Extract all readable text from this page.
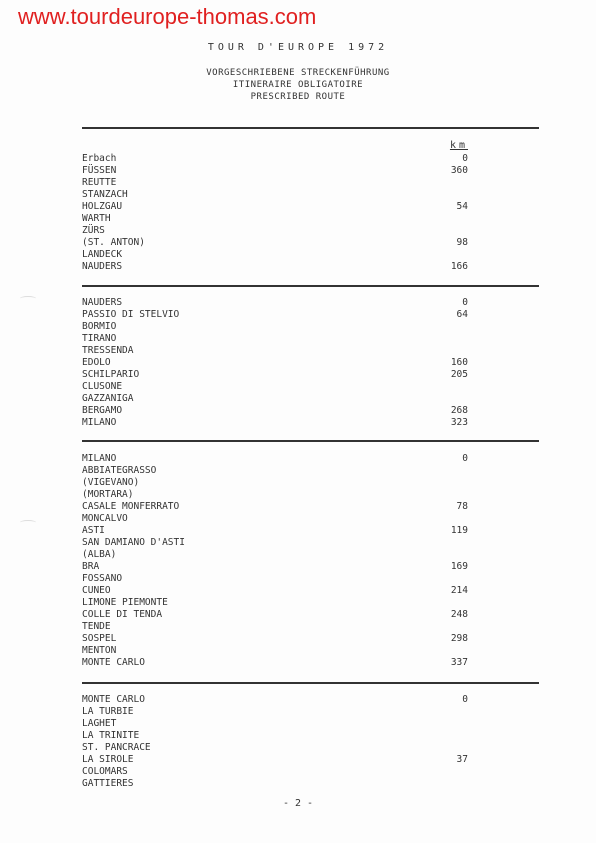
www.tourdeurope-thomas.com
TOUR D'EUROPE 1972
VORGESCHRIEBENE STRECKENFÜHRUNG
ITINERAIRE OBLIGATOIRE
PRESCRIBED ROUTE
km
Erbach	0
FÜSSEN	360
REUTTE
STANZACH
HOLZGAU	54
WARTH
ZÜRS
(ST. ANTON)	98
LANDECK
NAUDERS	166
NAUDERS	0
PASSIO DI STELVIO	64
BORMIO
TIRANO
TRESSENDA
EDOLO	160
SCHILPARIO	205
CLUSONE
GAZZANIGA
BERGAMO	268
MILANO	323
MILANO	0
ABBIATEGRASSO
(VIGEVANO)
(MORTARA)
CASALE MONFERRATO	78
MONCALVO
ASTI	119
SAN DAMIANO D'ASTI
(ALBA)
BRA	169
FOSSANO
CUNEO	214
LIMONE PIEMONTE
COLLE DI TENDA	248
TENDE
SOSPEL	298
MENTON
MONTE CARLO	337
MONTE CARLO	0
LA TURBIE
LAGHET
LA TRINITE
ST. PANCRACE
LA SIROLE	37
COLOMARS
GATTIERES
- 2 -
